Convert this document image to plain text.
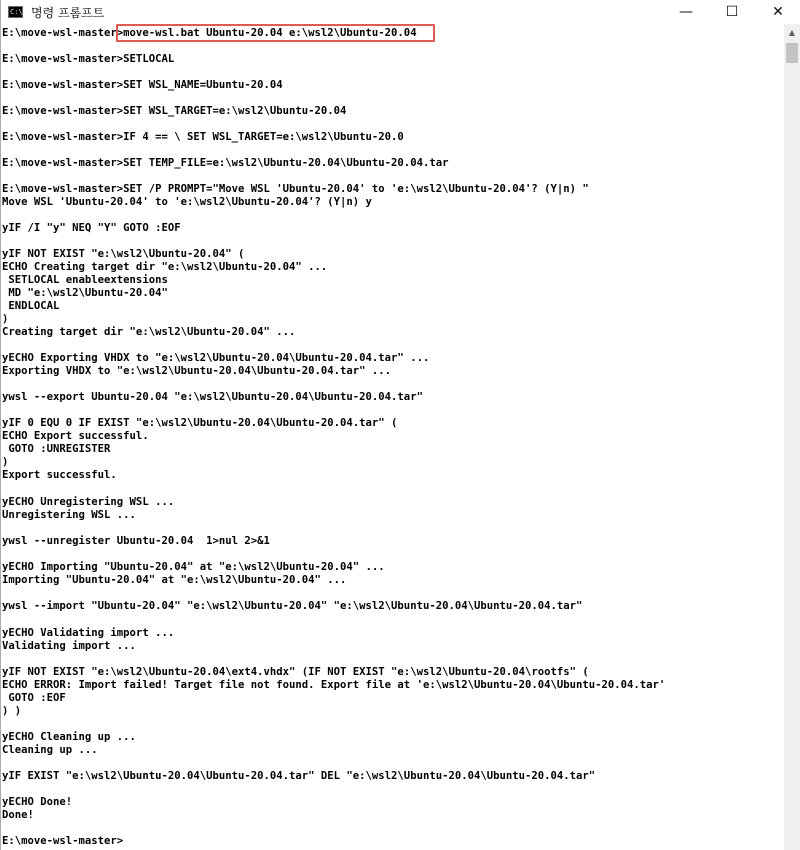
C:\ 명령 프롬프트	—	☐	✕
E:\move-wsl-master>move-wsl.bat Ubuntu-20.04 e:\wsl2\Ubuntu-20.04
E:\move-wsl-master>SETLOCAL
E:\move-wsl-master>SET WSL_NAME=Ubuntu-20.04
E:\move-wsl-master>SET WSL_TARGET=e:\wsl2\Ubuntu-20.04
E:\move-wsl-master>IF 4 == \ SET WSL_TARGET=e:\wsl2\Ubuntu-20.0
E:\move-wsl-master>SET TEMP_FILE=e:\wsl2\Ubuntu-20.04\Ubuntu-20.04.tar
E:\move-wsl-master>SET /P PROMPT="Move WSL 'Ubuntu-20.04' to 'e:\wsl2\Ubuntu-20.04'? (Y|n) "
Move WSL 'Ubuntu-20.04' to 'e:\wsl2\Ubuntu-20.04'? (Y|n) y
yIF /I "y" NEQ "Y" GOTO :EOF
yIF NOT EXIST "e:\wsl2\Ubuntu-20.04" (
ECHO Creating target dir "e:\wsl2\Ubuntu-20.04" ...
SETLOCAL enableextensions
MD "e:\wsl2\Ubuntu-20.04"
ENDLOCAL
)
Creating target dir "e:\wsl2\Ubuntu-20.04" ...
yECHO Exporting VHDX to "e:\wsl2\Ubuntu-20.04\Ubuntu-20.04.tar" ...
Exporting VHDX to "e:\wsl2\Ubuntu-20.04\Ubuntu-20.04.tar" ...
ywsl --export Ubuntu-20.04 "e:\wsl2\Ubuntu-20.04\Ubuntu-20.04.tar"
yIF 0 EQU 0 IF EXIST "e:\wsl2\Ubuntu-20.04\Ubuntu-20.04.tar" (
ECHO Export successful.
GOTO :UNREGISTER
)
Export successful.
yECHO Unregistering WSL ...
Unregistering WSL ...
ywsl --unregister Ubuntu-20.04  1>nul 2>&1
yECHO Importing "Ubuntu-20.04" at "e:\wsl2\Ubuntu-20.04" ...
Importing "Ubuntu-20.04" at "e:\wsl2\Ubuntu-20.04" ...
ywsl --import "Ubuntu-20.04" "e:\wsl2\Ubuntu-20.04" "e:\wsl2\Ubuntu-20.04\Ubuntu-20.04.tar"
yECHO Validating import ...
Validating import ...
yIF NOT EXIST "e:\wsl2\Ubuntu-20.04\ext4.vhdx" (IF NOT EXIST "e:\wsl2\Ubuntu-20.04\rootfs" (
ECHO ERROR: Import failed! Target file not found. Export file at 'e:\wsl2\Ubuntu-20.04\Ubuntu-20.04.tar'
GOTO :EOF
) )
yECHO Cleaning up ...
Cleaning up ...
yIF EXIST "e:\wsl2\Ubuntu-20.04\Ubuntu-20.04.tar" DEL "e:\wsl2\Ubuntu-20.04\Ubuntu-20.04.tar"
yECHO Done!
Done!
E:\move-wsl-master>
▲
